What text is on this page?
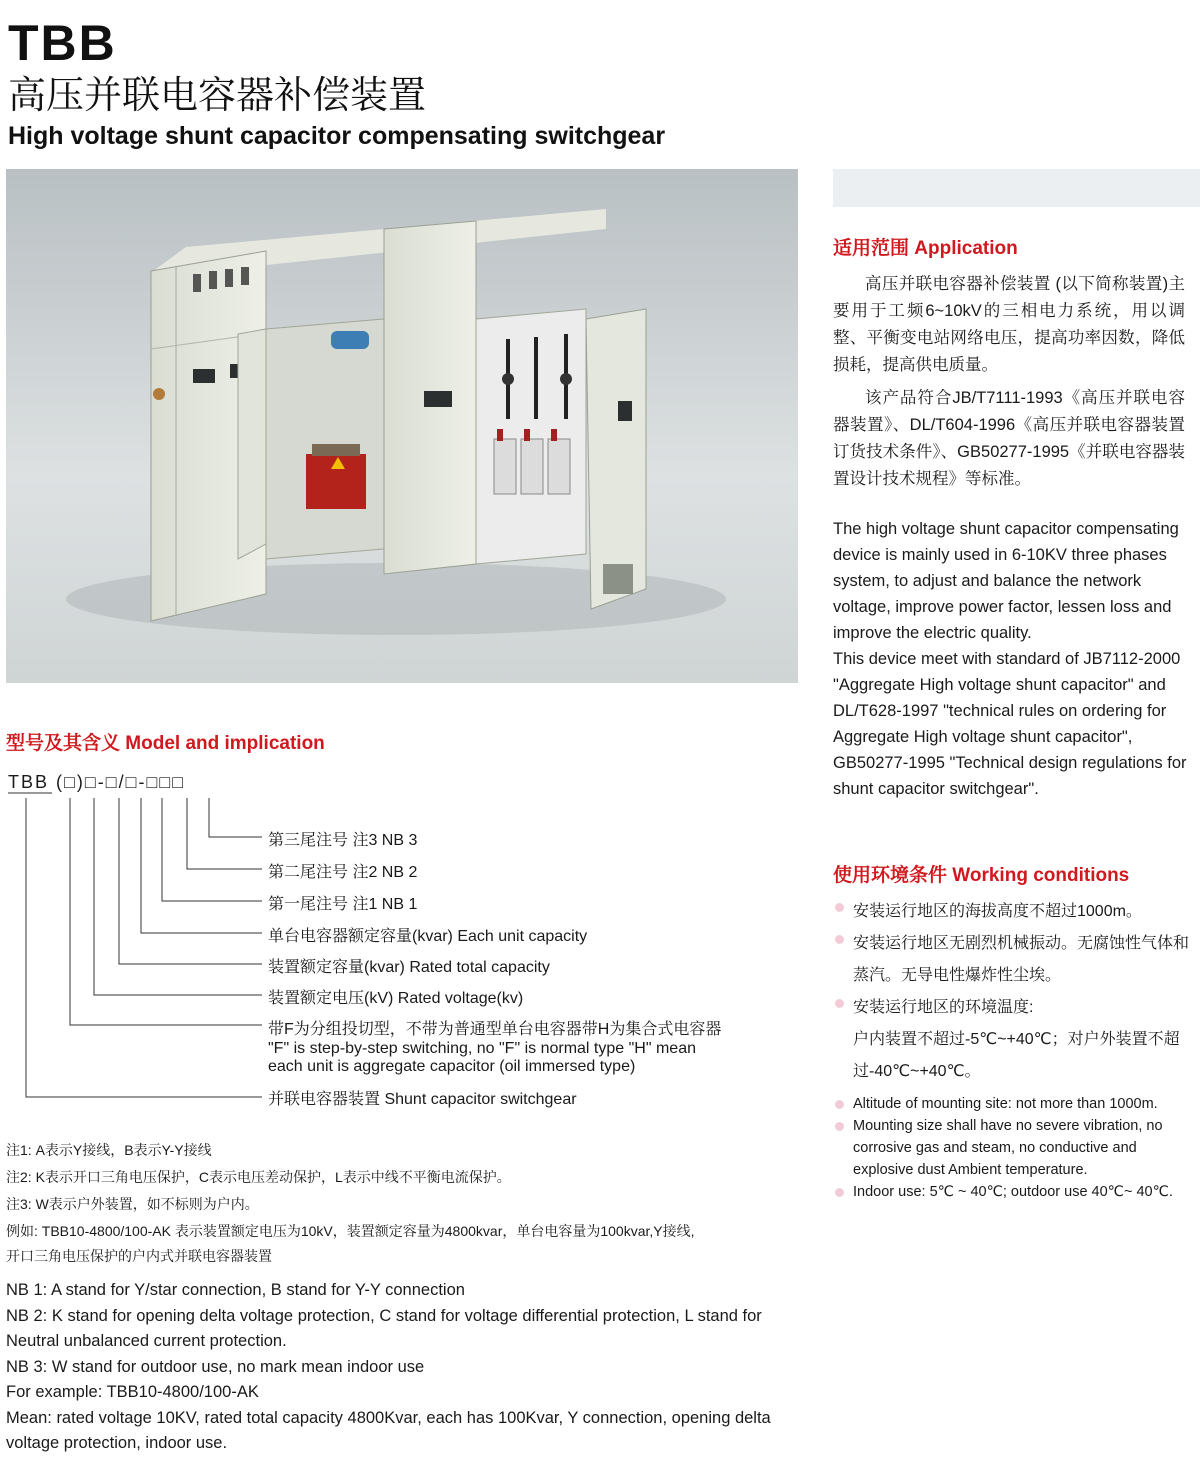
TBB
高压并联电容器补偿装置
High voltage shunt capacitor compensating switchgear
适用范围 Application
高压并联电容器补偿装置 (以下简称装置)主要用于工频6~10kV的三相电力系统，用以调整、平衡变电站网络电压，提高功率因数，降低损耗，提高供电质量。
该产品符合JB/T7111-1993《高压并联电容器装置》、DL/T604-1996《高压并联电容器装置订货技术条件》、GB50277-1995《并联电容器装置设计技术规程》等标准。
The high voltage shunt capacitor compensating device is mainly used in 6-10KV three phases system, to adjust and balance the network voltage, improve power factor, lessen loss and improve the electric quality.
This device meet with standard of JB7112-2000 "Aggregate High voltage shunt capacitor" and DL/T628-1997 "technical rules on ordering for Aggregate High voltage shunt capacitor", GB50277-1995 "Technical design regulations for shunt capacitor switchgear".
使用环境条件 Working conditions
安装运行地区的海拔高度不超过1000m。
安装运行地区无剧烈机械振动。无腐蚀性气体和蒸汽。无导电性爆炸性尘埃。
安装运行地区的环境温度:
户内装置不超过-5℃~+40℃；对户外装置不超过-40℃~+40℃。
Altitude of mounting site: not more than 1000m.
Mounting size shall have no severe vibration, no corrosive gas and steam, no conductive and explosive dust Ambient temperature.
Indoor use: 5℃ ~ 40℃; outdoor use 40℃~ 40℃.
型号及其含义 Model and implication
TBB (□)□-□/□-□□□
第三尾注号 注3 NB 3
第二尾注号 注2 NB 2
第一尾注号 注1 NB 1
单台电容器额定容量(kvar) Each unit capacity
装置额定容量(kvar) Rated total capacity
装置额定电压(kV) Rated voltage(kv)
带F为分组投切型，不带为普通型单台电容器带H为集合式电容器
"F" is step-by-step switching, no "F" is normal type "H" mean
each unit is aggregate capacitor (oil immersed type)
并联电容器装置 Shunt capacitor switchgear
注1: A表示Y接线，B表示Y-Y接线
注2: K表示开口三角电压保护，C表示电压差动保护，L表示中线不平衡电流保护。
注3: W表示户外装置，如不标则为户内。
例如: TBB10-4800/100-AK 表示装置额定电压为10kV，装置额定容量为4800kvar，单台电容量为100kvar,Y接线,
开口三角电压保护的户内式并联电容器装置
NB 1: A stand for Y/star connection, B stand for Y-Y connection
NB 2: K stand for opening delta voltage protection, C stand for voltage differential protection, L stand for Neutral unbalanced current protection.
NB 3: W stand for outdoor use, no mark mean indoor use
For example: TBB10-4800/100-AK
Mean: rated voltage 10KV, rated total capacity 4800Kvar, each has 100Kvar, Y connection, opening delta voltage protection, indoor use.
